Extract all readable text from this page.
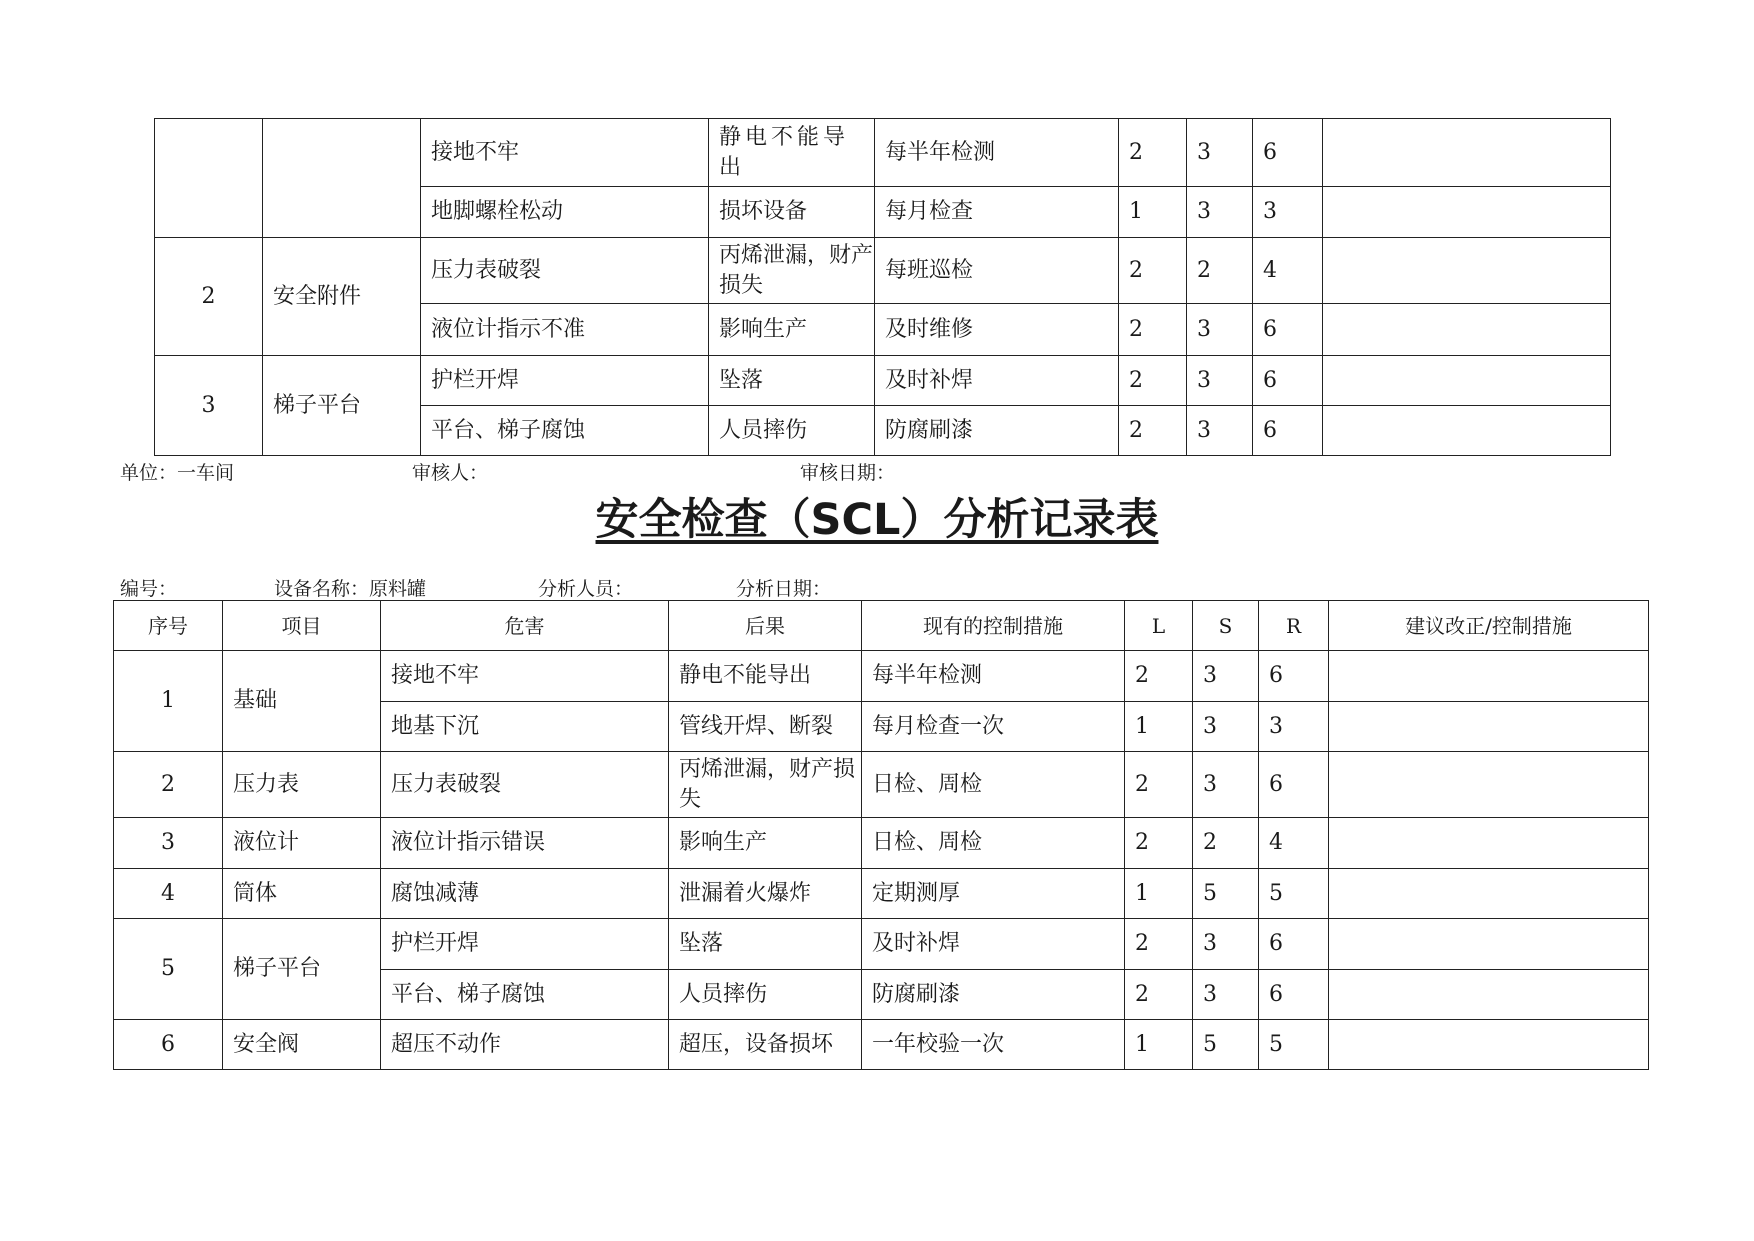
		接地不牢	静电不能导出	每半年检测	2	3	6	
		地脚螺栓松动	损坏设备	每月检查	1	3	3	
2	安全附件	压力表破裂	丙烯泄漏，财产损失	每班巡检	2	2	4	
		液位计指示不准	影响生产	及时维修	2	3	6	
3	梯子平台	护栏开焊	坠落	及时补焊	2	3	6	
		平台、梯子腐蚀	人员摔伤	防腐刷漆	2	3	6	
单位：一车间	审核人：	审核日期：
安全检查（SCL）分析记录表
编号：	设备名称：原料罐	分析人员：	分析日期：
序号	项目	危害	后果	现有的控制措施	L	S	R	建议改正/控制措施
1	基础	接地不牢	静电不能导出	每半年检测	2	3	6	
		地基下沉	管线开焊、断裂	每月检查一次	1	3	3	
2	压力表	压力表破裂	丙烯泄漏，财产损失	日检、周检	2	3	6	
3	液位计	液位计指示错误	影响生产	日检、周检	2	2	4	
4	筒体	腐蚀减薄	泄漏着火爆炸	定期测厚	1	5	5	
5	梯子平台	护栏开焊	坠落	及时补焊	2	3	6	
		平台、梯子腐蚀	人员摔伤	防腐刷漆	2	3	6	
6	安全阀	超压不动作	超压，设备损坏	一年校验一次	1	5	5	
